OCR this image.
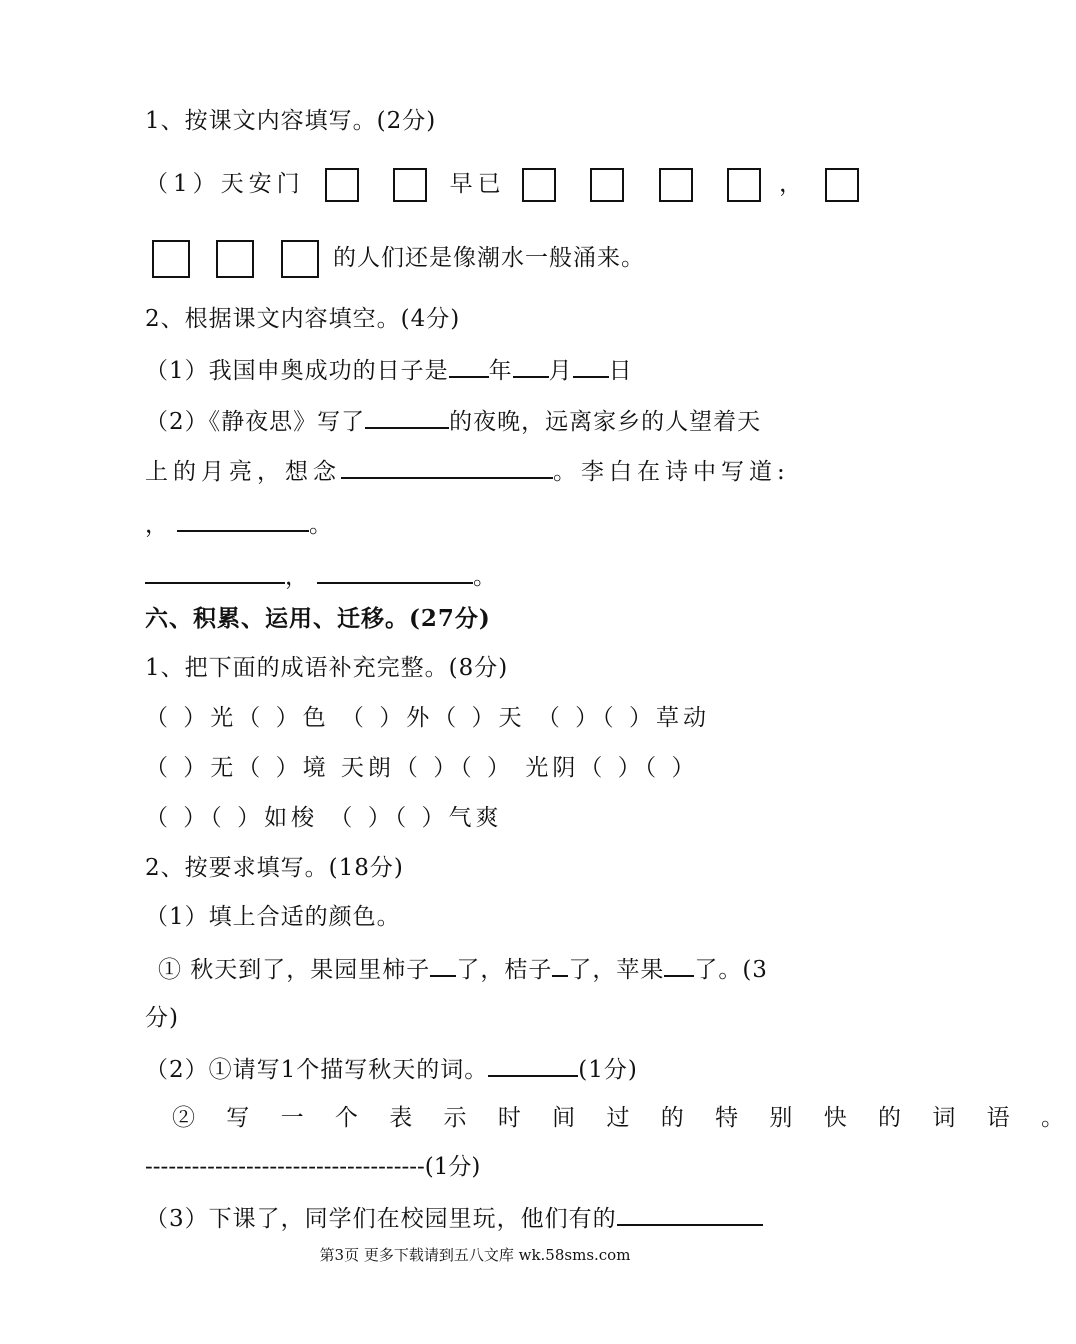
1、按课文内容填写。(2分)
（1）天安门	早已	，
的人们还是像潮水一般涌来。
2、根据课文内容填空。(4分)
（1）我国申奥成功的日子是 年 月 日
（2）《静夜思》写了	的夜晚，远离家乡的人望着天
上的月亮，想念	。李白在诗中写道:
，	。
，	。
六、积累、运用、迁移。(27分)
1、把下面的成语补充完整。(8分)
（ ）光（ ）色 （ ）外（ ）天 （ ）（ ）草动
（ ）无（ ）境 天朗（ ）（ ） 光阴（ ）（ ）
（ ）（ ）如梭 （ ）（ ）气爽
2、按要求填写。(18分)
（1）填上合适的颜色。
① 秋天到了，果园里柿子 了，桔子 了，苹果 了。(3
分)
（2）①请写1个描写秋天的词。	(1分)
② 写 一 个 表 示 时 间 过 的 特 别 快 的 词 语 。
------------------------------------(1分)
（3）下课了，同学们在校园里玩，他们有的
第3页 更多下载请到五八文库 wk.58sms.com
